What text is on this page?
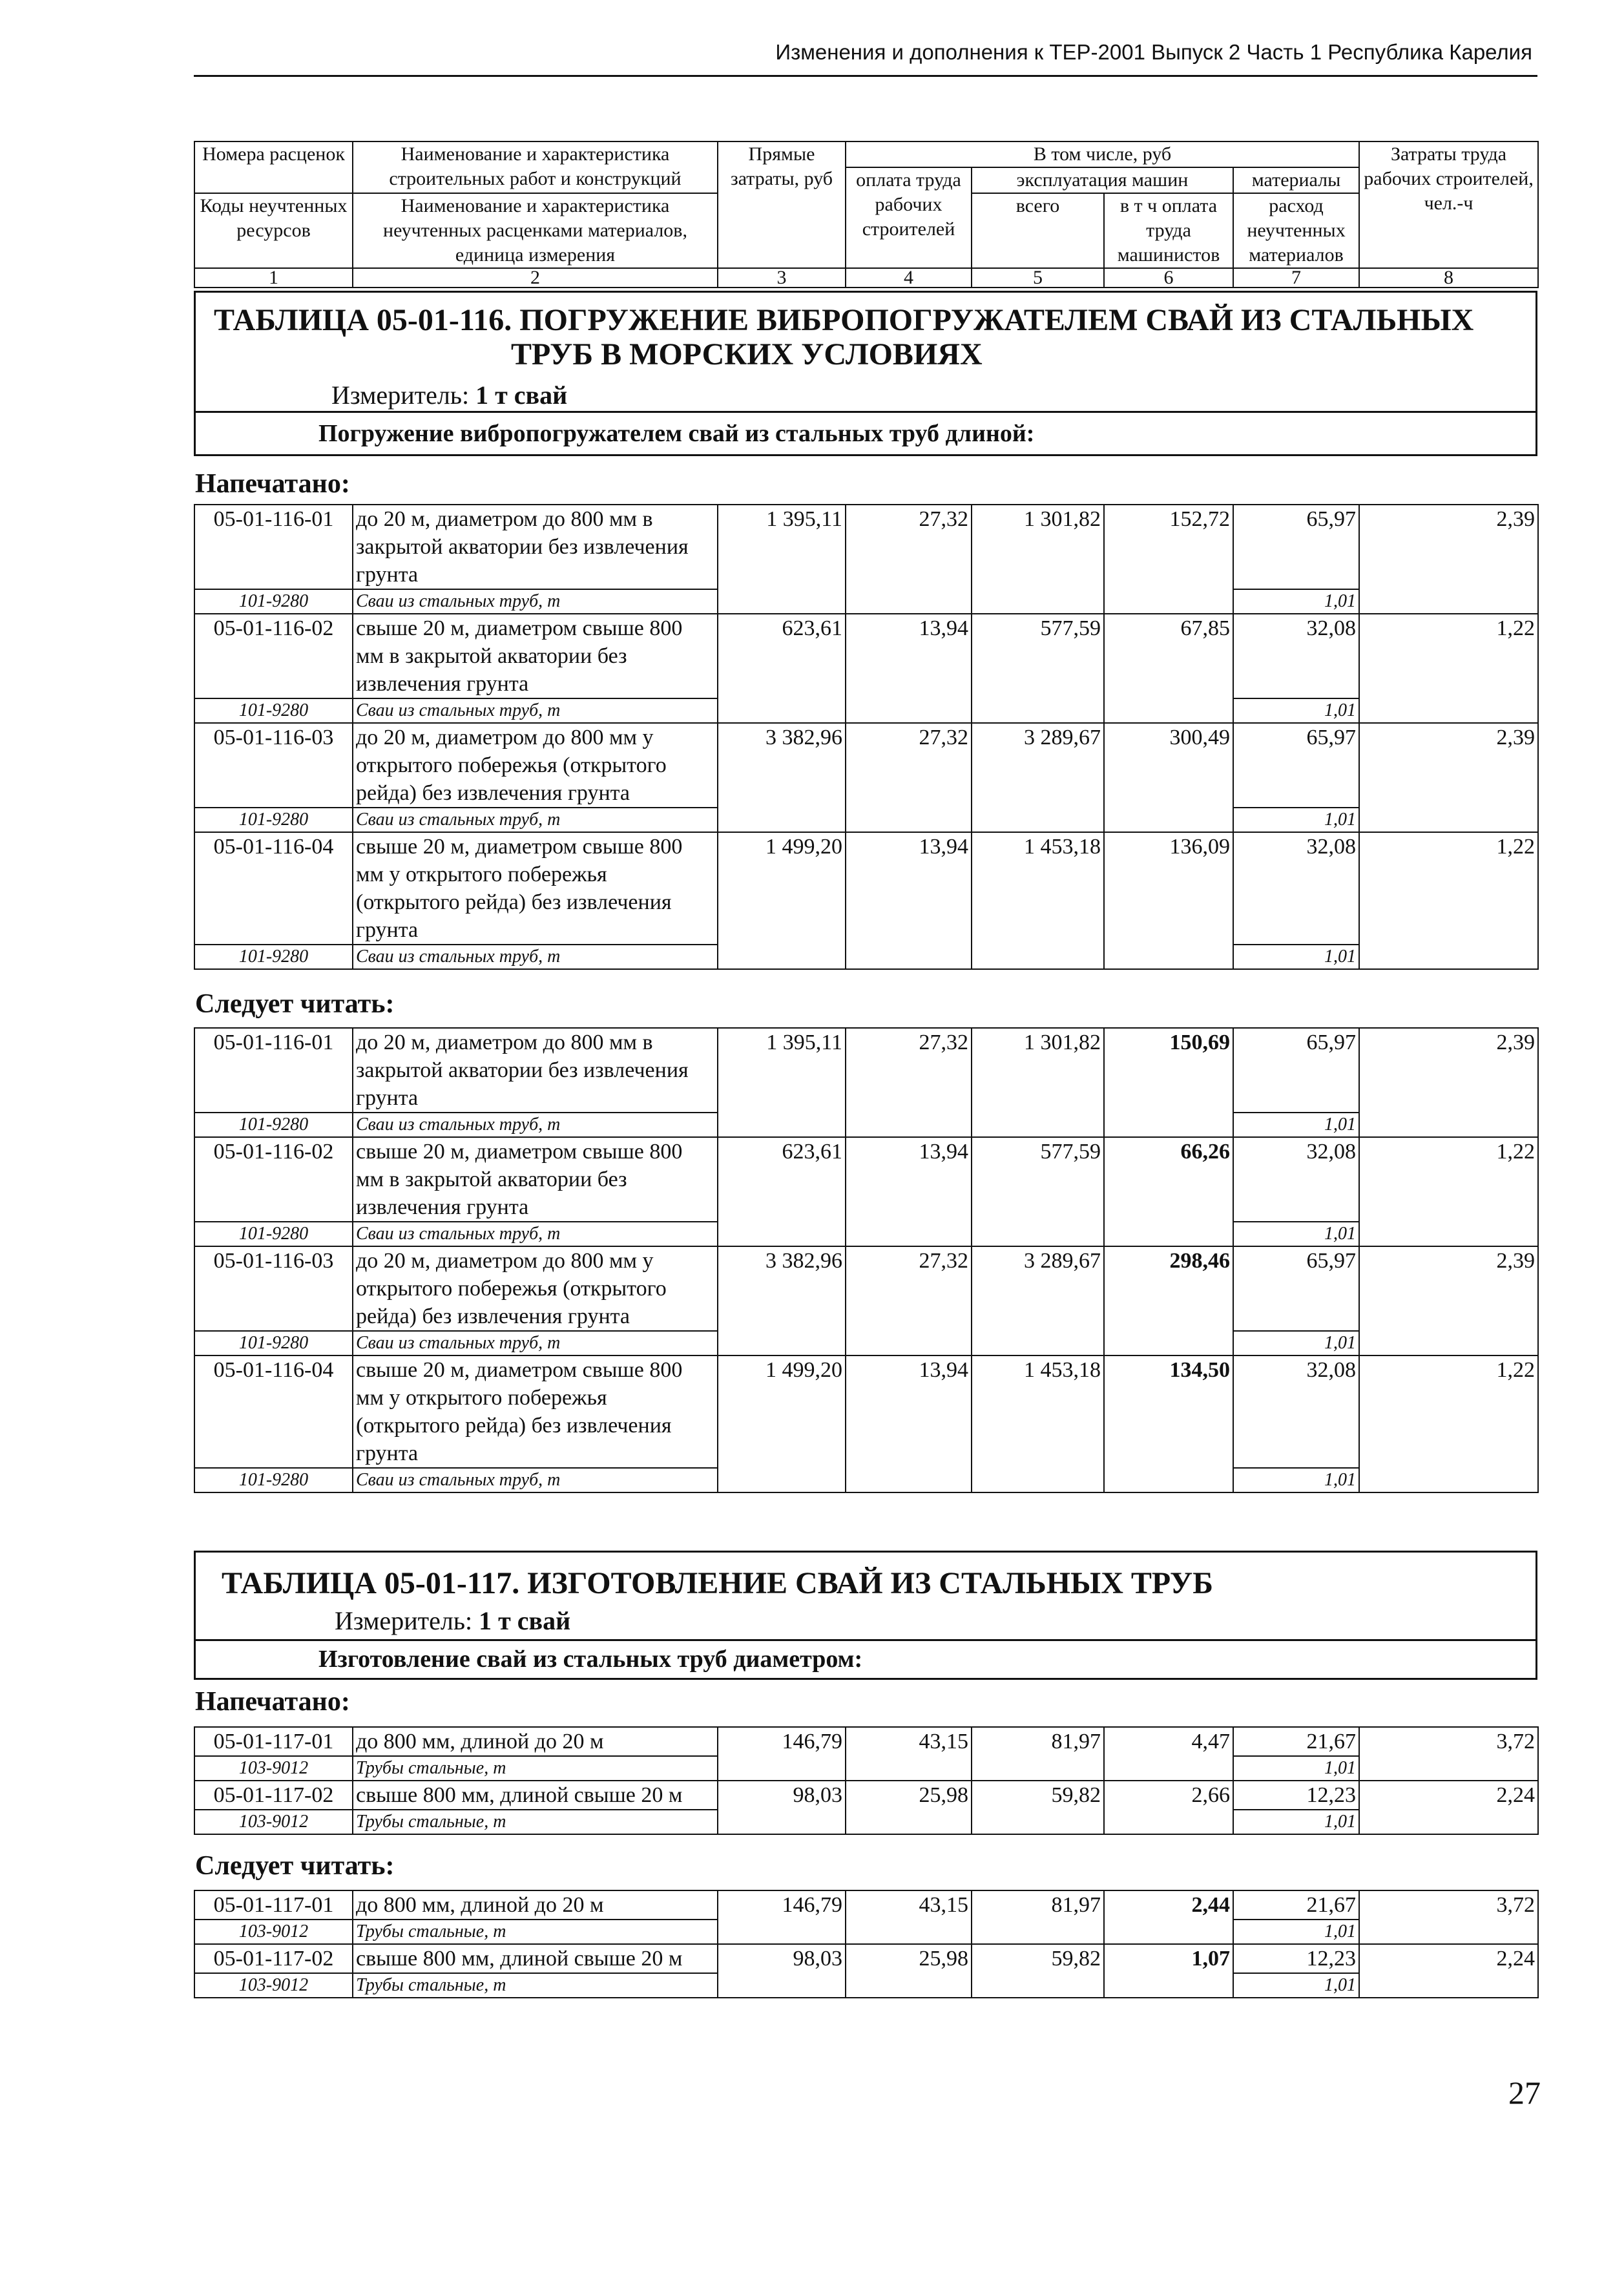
Изменения и дополнения к ТЕР-2001 Выпуск 2 Часть 1 Республика Карелия
Номера расценок	Наименование и характеристика строительных работ и конструкций	Прямые затраты, руб	В том числе, руб				Затраты труда рабочих строителей, чел.-ч
			оплата труда рабочих строителей	эксплуатация машин		материалы	
Коды неучтенных ресурсов	Наименование и характеристика неучтенных расценками материалов, единица измерения			всего	в т ч оплата труда машинистов	расход неучтенных материалов	

1	2	3	4	5	6	7	8
ТАБЛИЦА 05-01-116. ПОГРУЖЕНИЕ ВИБРОПОГРУЖАТЕЛЕМ СВАЙ ИЗ СТАЛЬНЫХ
ТРУБ В МОРСКИХ УСЛОВИЯХ
Измеритель: 1 т свай
Погружение вибропогружателем свай из стальных труб длиной:
Напечатано:
05-01-116-01	до 20 м, диаметром до 800 мм в закрытой акватории без извлечения грунта	1 395,11	27,32	1 301,82	152,72	65,97	2,39
101-9280	Сваи из стальных труб, т					1,01	
05-01-116-02	свыше 20 м, диаметром свыше 800 мм в закрытой акватории без извлечения грунта	623,61	13,94	577,59	67,85	32,08	1,22
101-9280	Сваи из стальных труб, т					1,01	
05-01-116-03	до 20 м, диаметром до 800 мм у открытого побережья (открытого рейда) без извлечения грунта	3 382,96	27,32	3 289,67	300,49	65,97	2,39
101-9280	Сваи из стальных труб, т					1,01	
05-01-116-04	свыше 20 м, диаметром свыше 800 мм у открытого побережья (открытого рейда) без извлечения грунта	1 499,20	13,94	1 453,18	136,09	32,08	1,22
101-9280	Сваи из стальных труб, т					1,01	
Следует читать:
05-01-116-01	до 20 м, диаметром до 800 мм в закрытой акватории без извлечения грунта	1 395,11	27,32	1 301,82	150,69	65,97	2,39
101-9280	Сваи из стальных труб, т					1,01	
05-01-116-02	свыше 20 м, диаметром свыше 800 мм в закрытой акватории без извлечения грунта	623,61	13,94	577,59	66,26	32,08	1,22
101-9280	Сваи из стальных труб, т					1,01	
05-01-116-03	до 20 м, диаметром до 800 мм у открытого побережья (открытого рейда) без извлечения грунта	3 382,96	27,32	3 289,67	298,46	65,97	2,39
101-9280	Сваи из стальных труб, т					1,01	
05-01-116-04	свыше 20 м, диаметром свыше 800 мм у открытого побережья (открытого рейда) без извлечения грунта	1 499,20	13,94	1 453,18	134,50	32,08	1,22
101-9280	Сваи из стальных труб, т					1,01	
ТАБЛИЦА 05-01-117. ИЗГОТОВЛЕНИЕ СВАЙ ИЗ СТАЛЬНЫХ ТРУБ
Измеритель: 1 т свай
Изготовление свай из стальных труб диаметром:
Напечатано:
05-01-117-01	до 800 мм, длиной до 20 м	146,79	43,15	81,97	4,47	21,67	3,72
103-9012	Трубы стальные, т					1,01	
05-01-117-02	свыше 800 мм, длиной свыше 20 м	98,03	25,98	59,82	2,66	12,23	2,24
103-9012	Трубы стальные, т					1,01	
Следует читать:
05-01-117-01	до 800 мм, длиной до 20 м	146,79	43,15	81,97	2,44	21,67	3,72
103-9012	Трубы стальные, т					1,01	
05-01-117-02	свыше 800 мм, длиной свыше 20 м	98,03	25,98	59,82	1,07	12,23	2,24
103-9012	Трубы стальные, т					1,01	
27
